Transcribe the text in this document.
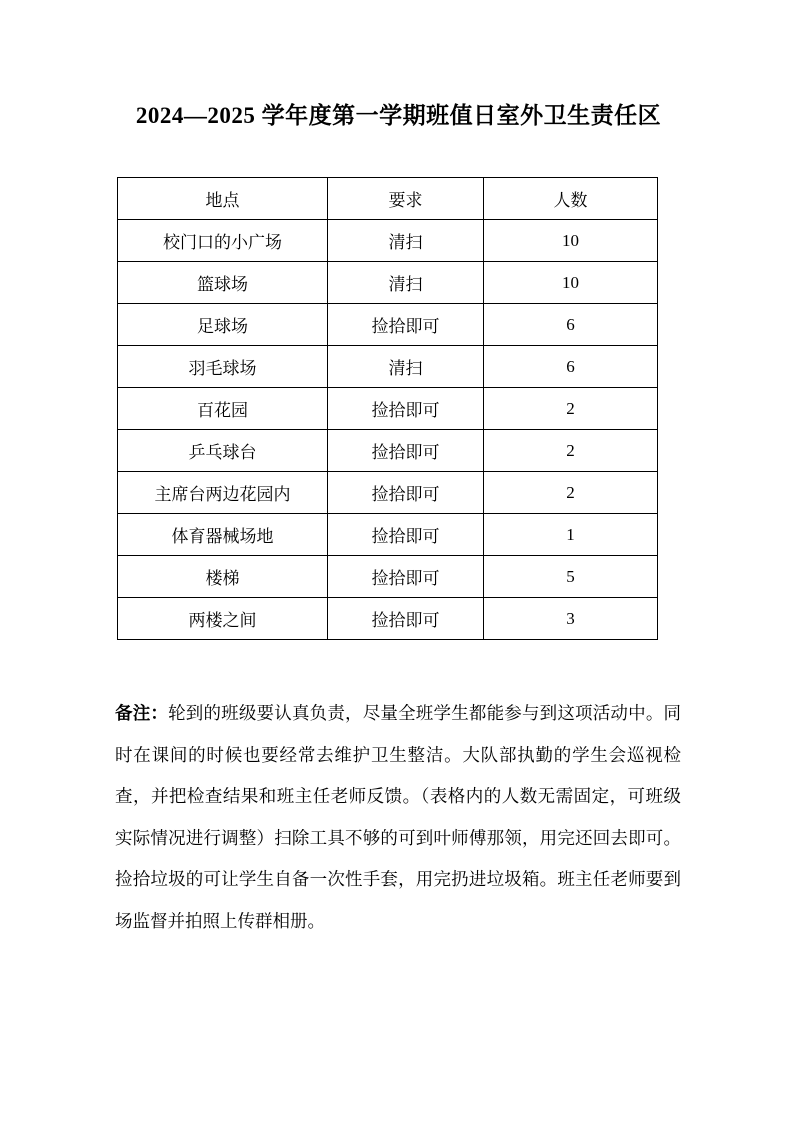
2024—2025 学年度第一学期班值日室外卫生责任区
地点	要求	人数
校门口的小广场	清扫	10
篮球场	清扫	10
足球场	捡拾即可	6
羽毛球场	清扫	6
百花园	捡拾即可	2
乒乓球台	捡拾即可	2
主席台两边花园内	捡拾即可	2
体育器械场地	捡拾即可	1
楼梯	捡拾即可	5
两楼之间	捡拾即可	3

备注：轮到的班级要认真负责，尽量全班学生都能参与到这项活动中。同时在课间的时候也要经常去维护卫生整洁。大队部执勤的学生会巡视检查，并把检查结果和班主任老师反馈。（表格内的人数无需固定，可班级实际情况进行调整）扫除工具不够的可到叶师傅那领，用完还回去即可。捡拾垃圾的可让学生自备一次性手套，用完扔进垃圾箱。班主任老师要到场监督并拍照上传群相册。
